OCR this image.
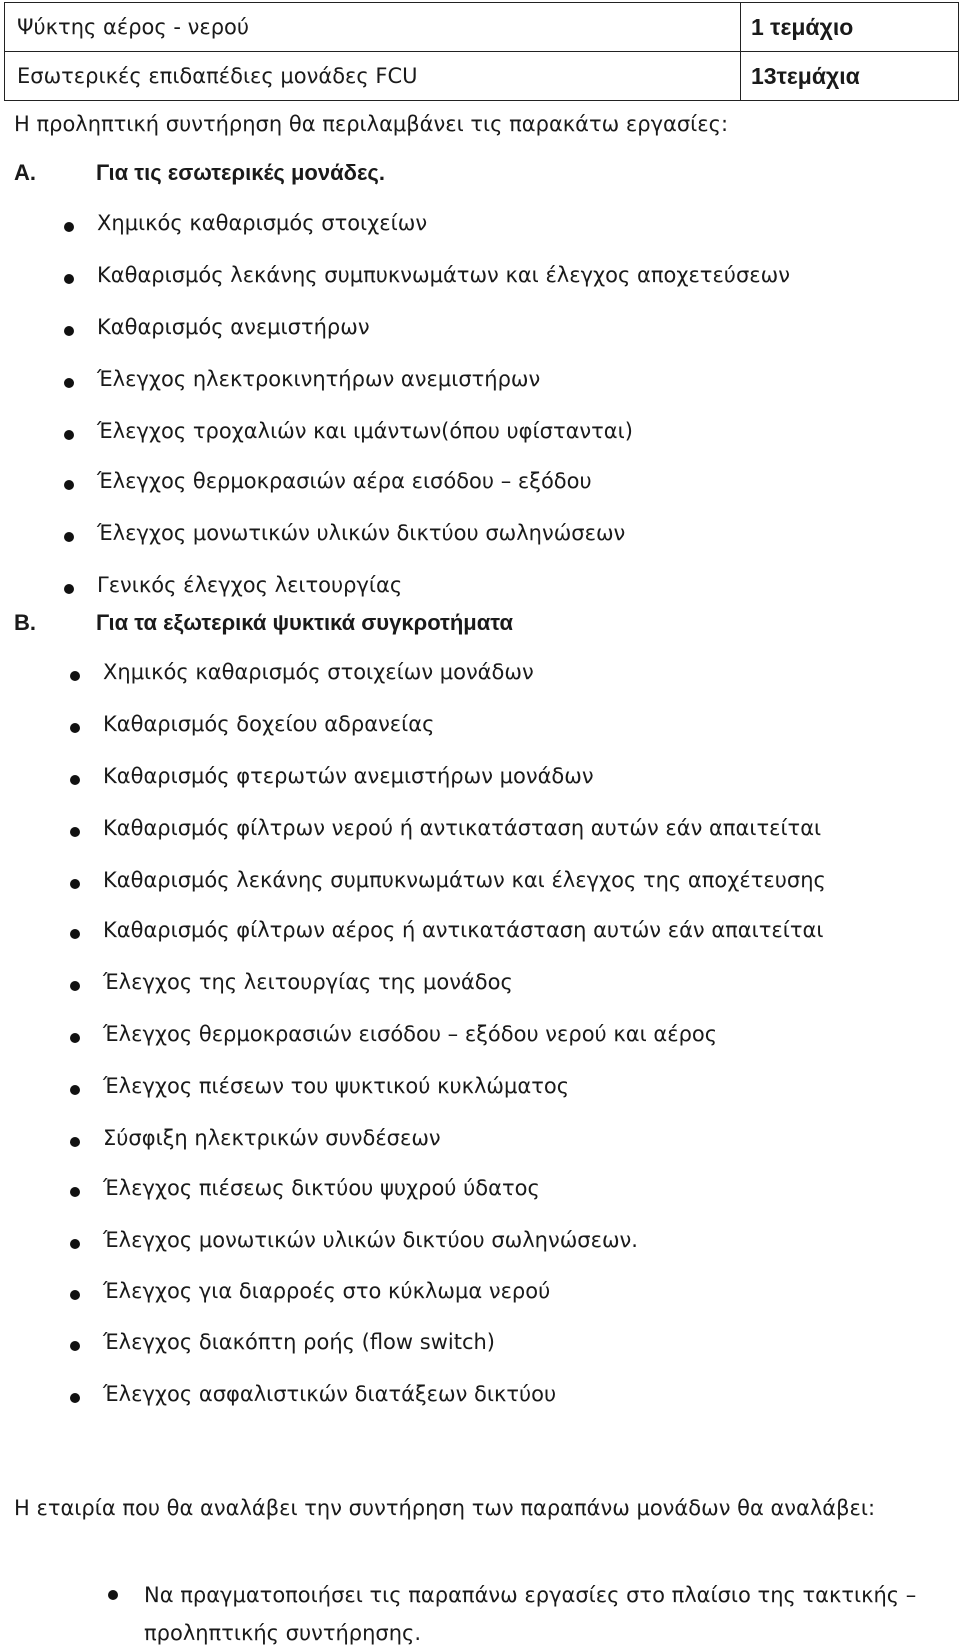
Ψύκτης αέρος - νερού	1 τεμάχιο
Εσωτερικές επιδαπέδιες μονάδες FCU	13τεμάχια
Η προληπτική συντήρηση θα περιλαμβάνει τις παρακάτω εργασίες:
Α.	Για τις εσωτερικές μονάδες.
Χημικός καθαρισμός στοιχείων
Καθαρισμός λεκάνης συμπυκνωμάτων και έλεγχος αποχετεύσεων
Καθαρισμός ανεμιστήρων
Έλεγχος ηλεκτροκινητήρων ανεμιστήρων
Έλεγχος τροχαλιών και ιμάντων(όπου υφίστανται)
Έλεγχος θερμοκρασιών αέρα εισόδου – εξόδου
Έλεγχος μονωτικών υλικών δικτύου σωληνώσεων
Γενικός έλεγχος λειτουργίας
Β.	Για τα εξωτερικά ψυκτικά συγκροτήματα
Χημικός καθαρισμός στοιχείων μονάδων
Καθαρισμός δοχείου αδρανείας
Καθαρισμός φτερωτών ανεμιστήρων μονάδων
Καθαρισμός φίλτρων νερού ή αντικατάσταση αυτών εάν απαιτείται
Καθαρισμός λεκάνης συμπυκνωμάτων και έλεγχος της αποχέτευσης
Καθαρισμός φίλτρων αέρος ή αντικατάσταση αυτών εάν απαιτείται
Έλεγχος της λειτουργίας της μονάδος
Έλεγχος θερμοκρασιών εισόδου – εξόδου νερού και αέρος
Έλεγχος πιέσεων του ψυκτικού κυκλώματος
Σύσφιξη ηλεκτρικών συνδέσεων
Έλεγχος πιέσεως δικτύου ψυχρού ύδατος
Έλεγχος μονωτικών υλικών δικτύου σωληνώσεων.
Έλεγχος για διαρροές στο κύκλωμα νερού
Έλεγχος διακόπτη ροής (flow switch)
Έλεγχος ασφαλιστικών διατάξεων δικτύου
Η εταιρία που θα αναλάβει την συντήρηση των παραπάνω μονάδων θα αναλάβει:
Να πραγματοποιήσει τις παραπάνω εργασίες στο πλαίσιο της τακτικής – προληπτικής συντήρησης.
